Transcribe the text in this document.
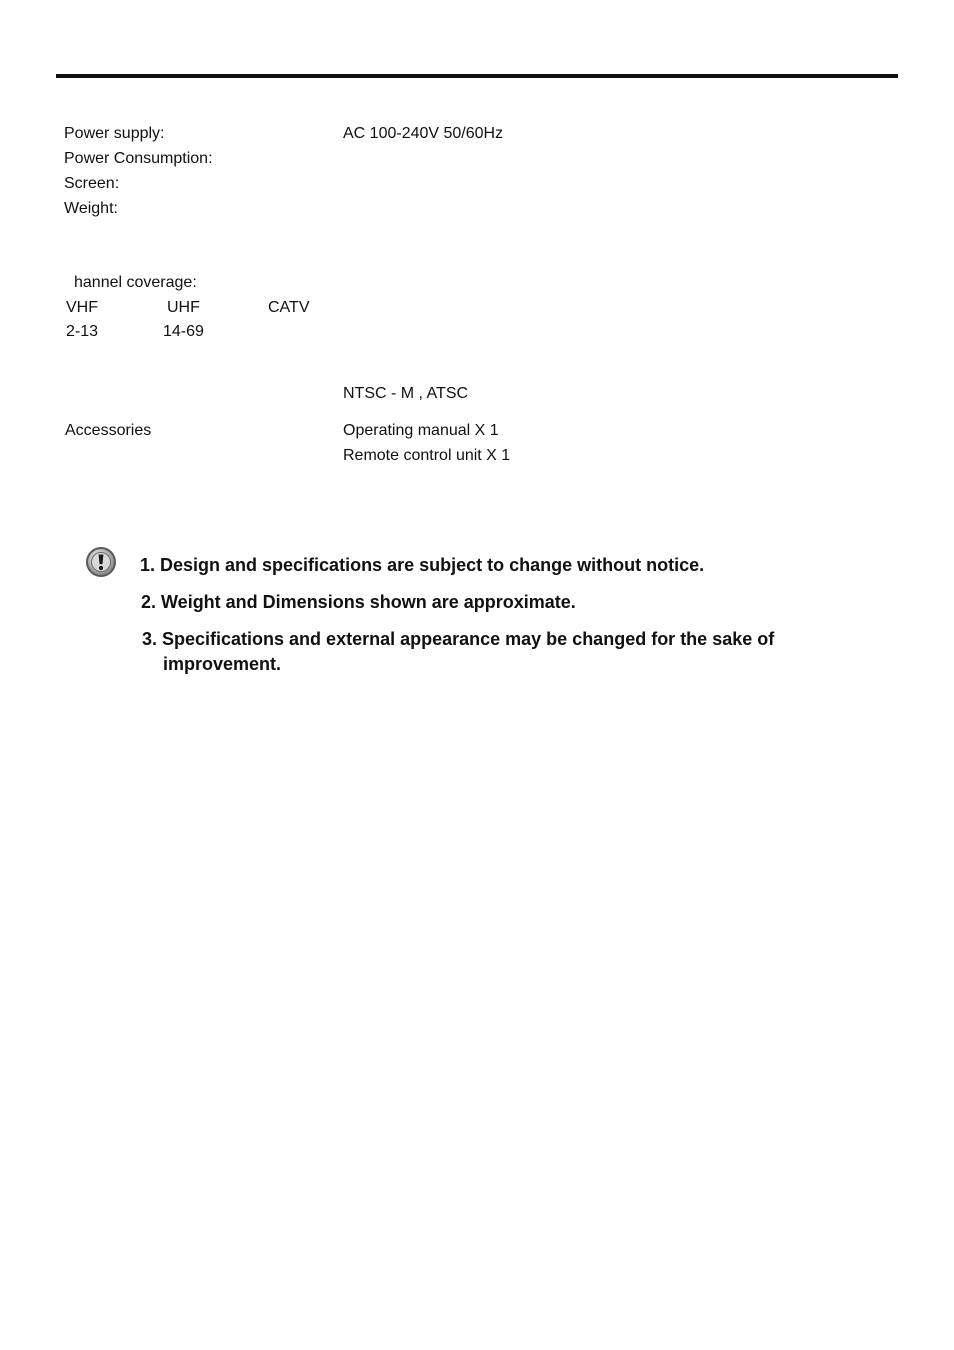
Power supply:	AC 100-240V 50/60Hz
Power Consumption:
Screen:
Weight:
hannel coverage:
VHF	UHF	CATV
2-13	14-69
NTSC - M , ATSC
Accessories	Operating manual X 1
Remote control unit X 1
1. Design and specifications are subject to change without notice.
2. Weight and Dimensions shown are approximate.
3. Specifications and external appearance may be changed for the sake of
improvement.
